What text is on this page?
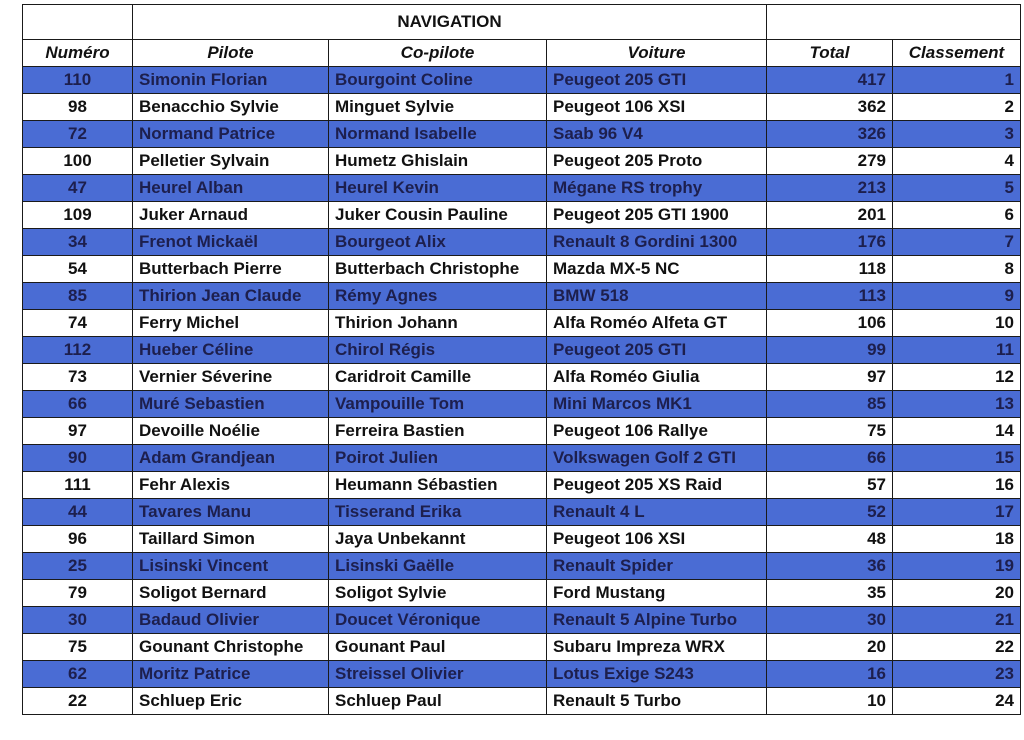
	NAVIGATION				
Numéro	Pilote	Co-pilote	Voiture	Total	Classement
110	Simonin Florian	Bourgoint Coline	Peugeot 205 GTI	417	1
98	Benacchio Sylvie	Minguet Sylvie	Peugeot 106 XSI	362	2
72	Normand Patrice	Normand Isabelle	Saab 96 V4	326	3
100	Pelletier Sylvain	Humetz Ghislain	Peugeot 205 Proto	279	4
47	Heurel Alban	Heurel Kevin	Mégane RS trophy	213	5
109	Juker Arnaud	Juker Cousin Pauline	Peugeot 205 GTI 1900	201	6
34	Frenot Mickaël	Bourgeot Alix	Renault 8 Gordini 1300	176	7
54	Butterbach Pierre	Butterbach Christophe	Mazda MX-5 NC	118	8
85	Thirion Jean Claude	Rémy Agnes	BMW 518	113	9
74	Ferry Michel	Thirion Johann	Alfa Roméo Alfeta GT	106	10
112	Hueber Céline	Chirol Régis	Peugeot 205 GTI	99	11
73	Vernier Séverine	Caridroit Camille	Alfa Roméo Giulia	97	12
66	Muré Sebastien	Vampouille Tom	Mini Marcos MK1	85	13
97	Devoille Noélie	Ferreira Bastien	Peugeot 106 Rallye	75	14
90	Adam Grandjean	Poirot Julien	Volkswagen Golf 2 GTI	66	15
111	Fehr Alexis	Heumann Sébastien	Peugeot 205 XS Raid	57	16
44	Tavares Manu	Tisserand Erika	Renault 4 L	52	17
96	Taillard Simon	Jaya Unbekannt	Peugeot 106 XSI	48	18
25	Lisinski Vincent	Lisinski Gaëlle	Renault Spider	36	19
79	Soligot Bernard	Soligot Sylvie	Ford Mustang	35	20
30	Badaud Olivier	Doucet Véronique	Renault 5 Alpine Turbo	30	21
75	Gounant Christophe	Gounant Paul	Subaru Impreza WRX	20	22
62	Moritz Patrice	Streissel Olivier	Lotus Exige S243	16	23
22	Schluep Eric	Schluep Paul	Renault 5 Turbo	10	24
